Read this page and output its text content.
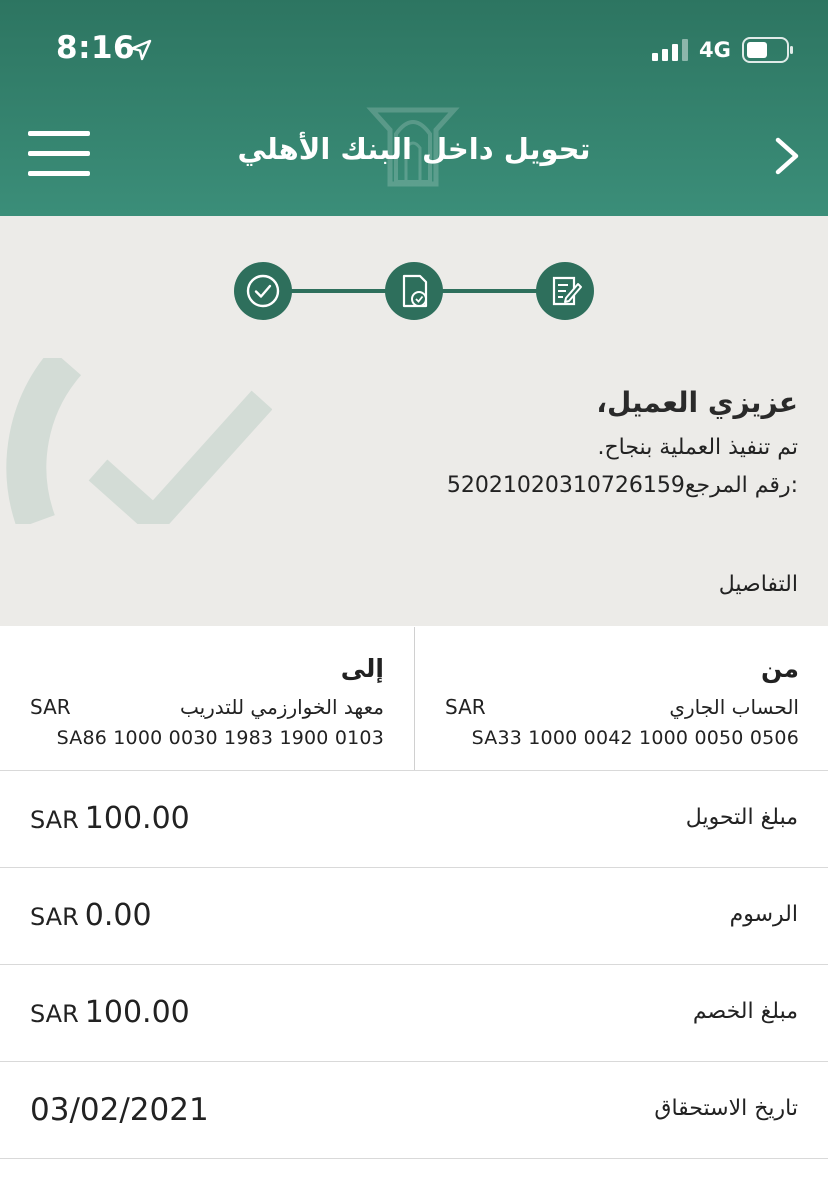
8:16	4G
تحويل داخل البنك الأهلي
عزيزي العميل،
تم تنفيذ العملية بنجاح.
52021020310726159رقم المرجع:
التفاصيل
من
الحساب الجاري
SAR
SA33 1000 0042 1000 0050 0506
إلى
معهد الخوارزمي للتدريب
SAR
SA86 1000 0030 1983 1900 0103
مبلغ التحويل
SAR 100.00
الرسوم
SAR 0.00
مبلغ الخصم
SAR 100.00
تاريخ الاستحقاق
03/02/2021
